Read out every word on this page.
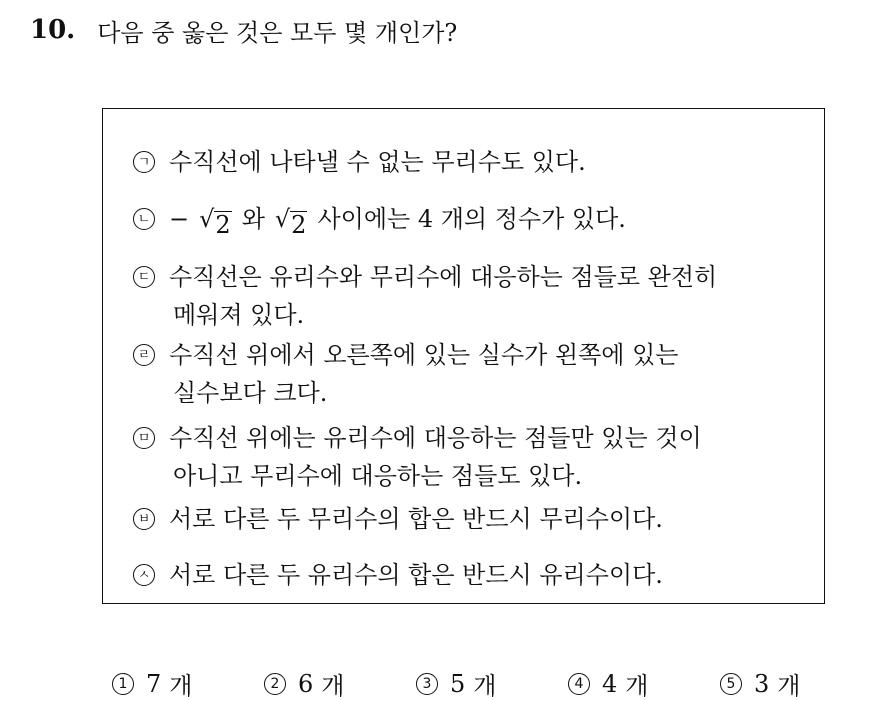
10. 다음 중 옳은 것은 모두 몇 개인가?
ㄱ 수직선에 나타낼 수 없는 무리수도 있다.
ㄴ − √ 2 와 √ 2 사이에는 4 개의 정수가 있다.
ㄷ 수직선은 유리수와 무리수에 대응하는 점들로 완전히
메워져 있다.
ㄹ 수직선 위에서 오른쪽에 있는 실수가 왼쪽에 있는
실수보다 크다.
ㅁ 수직선 위에는 유리수에 대응하는 점들만 있는 것이
아니고 무리수에 대응하는 점들도 있다.
ㅂ 서로 다른 두 무리수의 합은 반드시 무리수이다.
ㅅ 서로 다른 두 유리수의 합은 반드시 유리수이다.
1 7 개	2 6 개	3 5 개	4 4 개	5 3 개
